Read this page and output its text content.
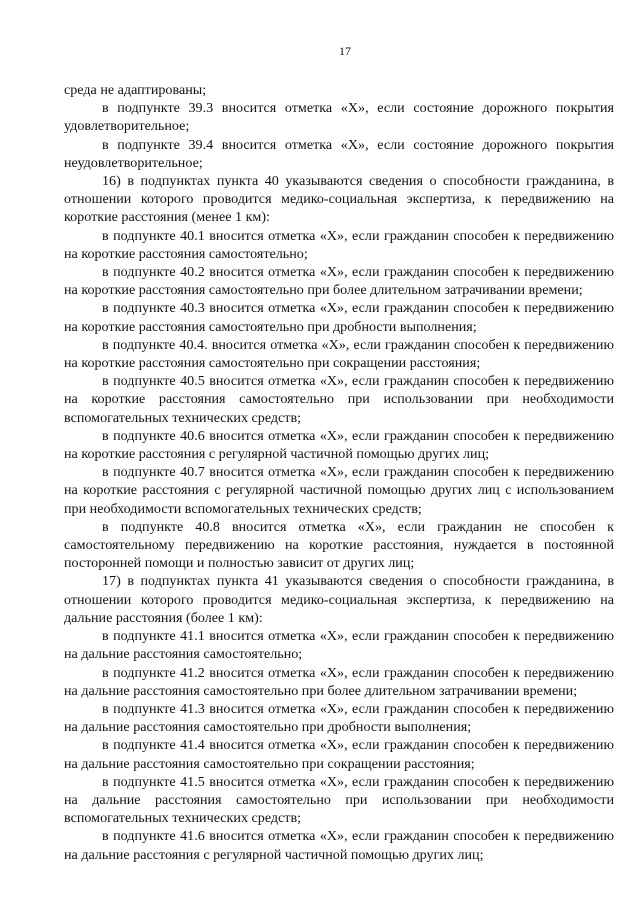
17

среда не адаптированы;

в подпункте 39.3 вносится отметка «X», если состояние дорожного покрытия удовлетворительное;

в подпункте 39.4 вносится отметка «X», если состояние дорожного покрытия неудовлетворительное;

16) в подпунктах пункта 40 указываются сведения о способности гражданина, в отношении которого проводится медико-социальная экспертиза, к передвижению на короткие расстояния (менее 1 км):

в подпункте 40.1 вносится отметка «X», если гражданин способен к передвижению на короткие расстояния самостоятельно;

в подпункте 40.2 вносится отметка «X», если гражданин способен к передвижению на короткие расстояния самостоятельно при более длительном затрачивании времени;

в подпункте 40.3 вносится отметка «X», если гражданин способен к передвижению на короткие расстояния самостоятельно при дробности выполнения;

в подпункте 40.4. вносится отметка «X», если гражданин способен к передвижению на короткие расстояния самостоятельно при сокращении расстояния;

в подпункте 40.5 вносится отметка «X», если гражданин способен к передвижению на короткие расстояния самостоятельно при использовании при необходимости вспомогательных технических средств;

в подпункте 40.6 вносится отметка «X», если гражданин способен к передвижению на короткие расстояния с регулярной частичной помощью других лиц;

в подпункте 40.7 вносится отметка «X», если гражданин способен к передвижению на короткие расстояния с регулярной частичной помощью других лиц с использованием при необходимости вспомогательных технических средств;

в подпункте 40.8 вносится отметка «X», если гражданин не способен к самостоятельному передвижению на короткие расстояния, нуждается в постоянной посторонней помощи и полностью зависит от других лиц;

17) в подпунктах пункта 41 указываются сведения о способности гражданина, в отношении которого проводится медико-социальная экспертиза, к передвижению на дальние расстояния (более 1 км):

в подпункте 41.1 вносится отметка «X», если гражданин способен к передвижению на дальние расстояния самостоятельно;

в подпункте 41.2 вносится отметка «X», если гражданин способен к передвижению на дальние расстояния самостоятельно при более длительном затрачивании времени;

в подпункте 41.3 вносится отметка «X», если гражданин способен к передвижению на дальние расстояния самостоятельно при дробности выполнения;

в подпункте 41.4 вносится отметка «X», если гражданин способен к передвижению на дальние расстояния самостоятельно при сокращении расстояния;

в подпункте 41.5 вносится отметка «X», если гражданин способен к передвижению на дальние расстояния самостоятельно при использовании при необходимости вспомогательных технических средств;

в подпункте 41.6 вносится отметка «X», если гражданин способен к передвижению на дальние расстояния с регулярной частичной помощью других лиц;
